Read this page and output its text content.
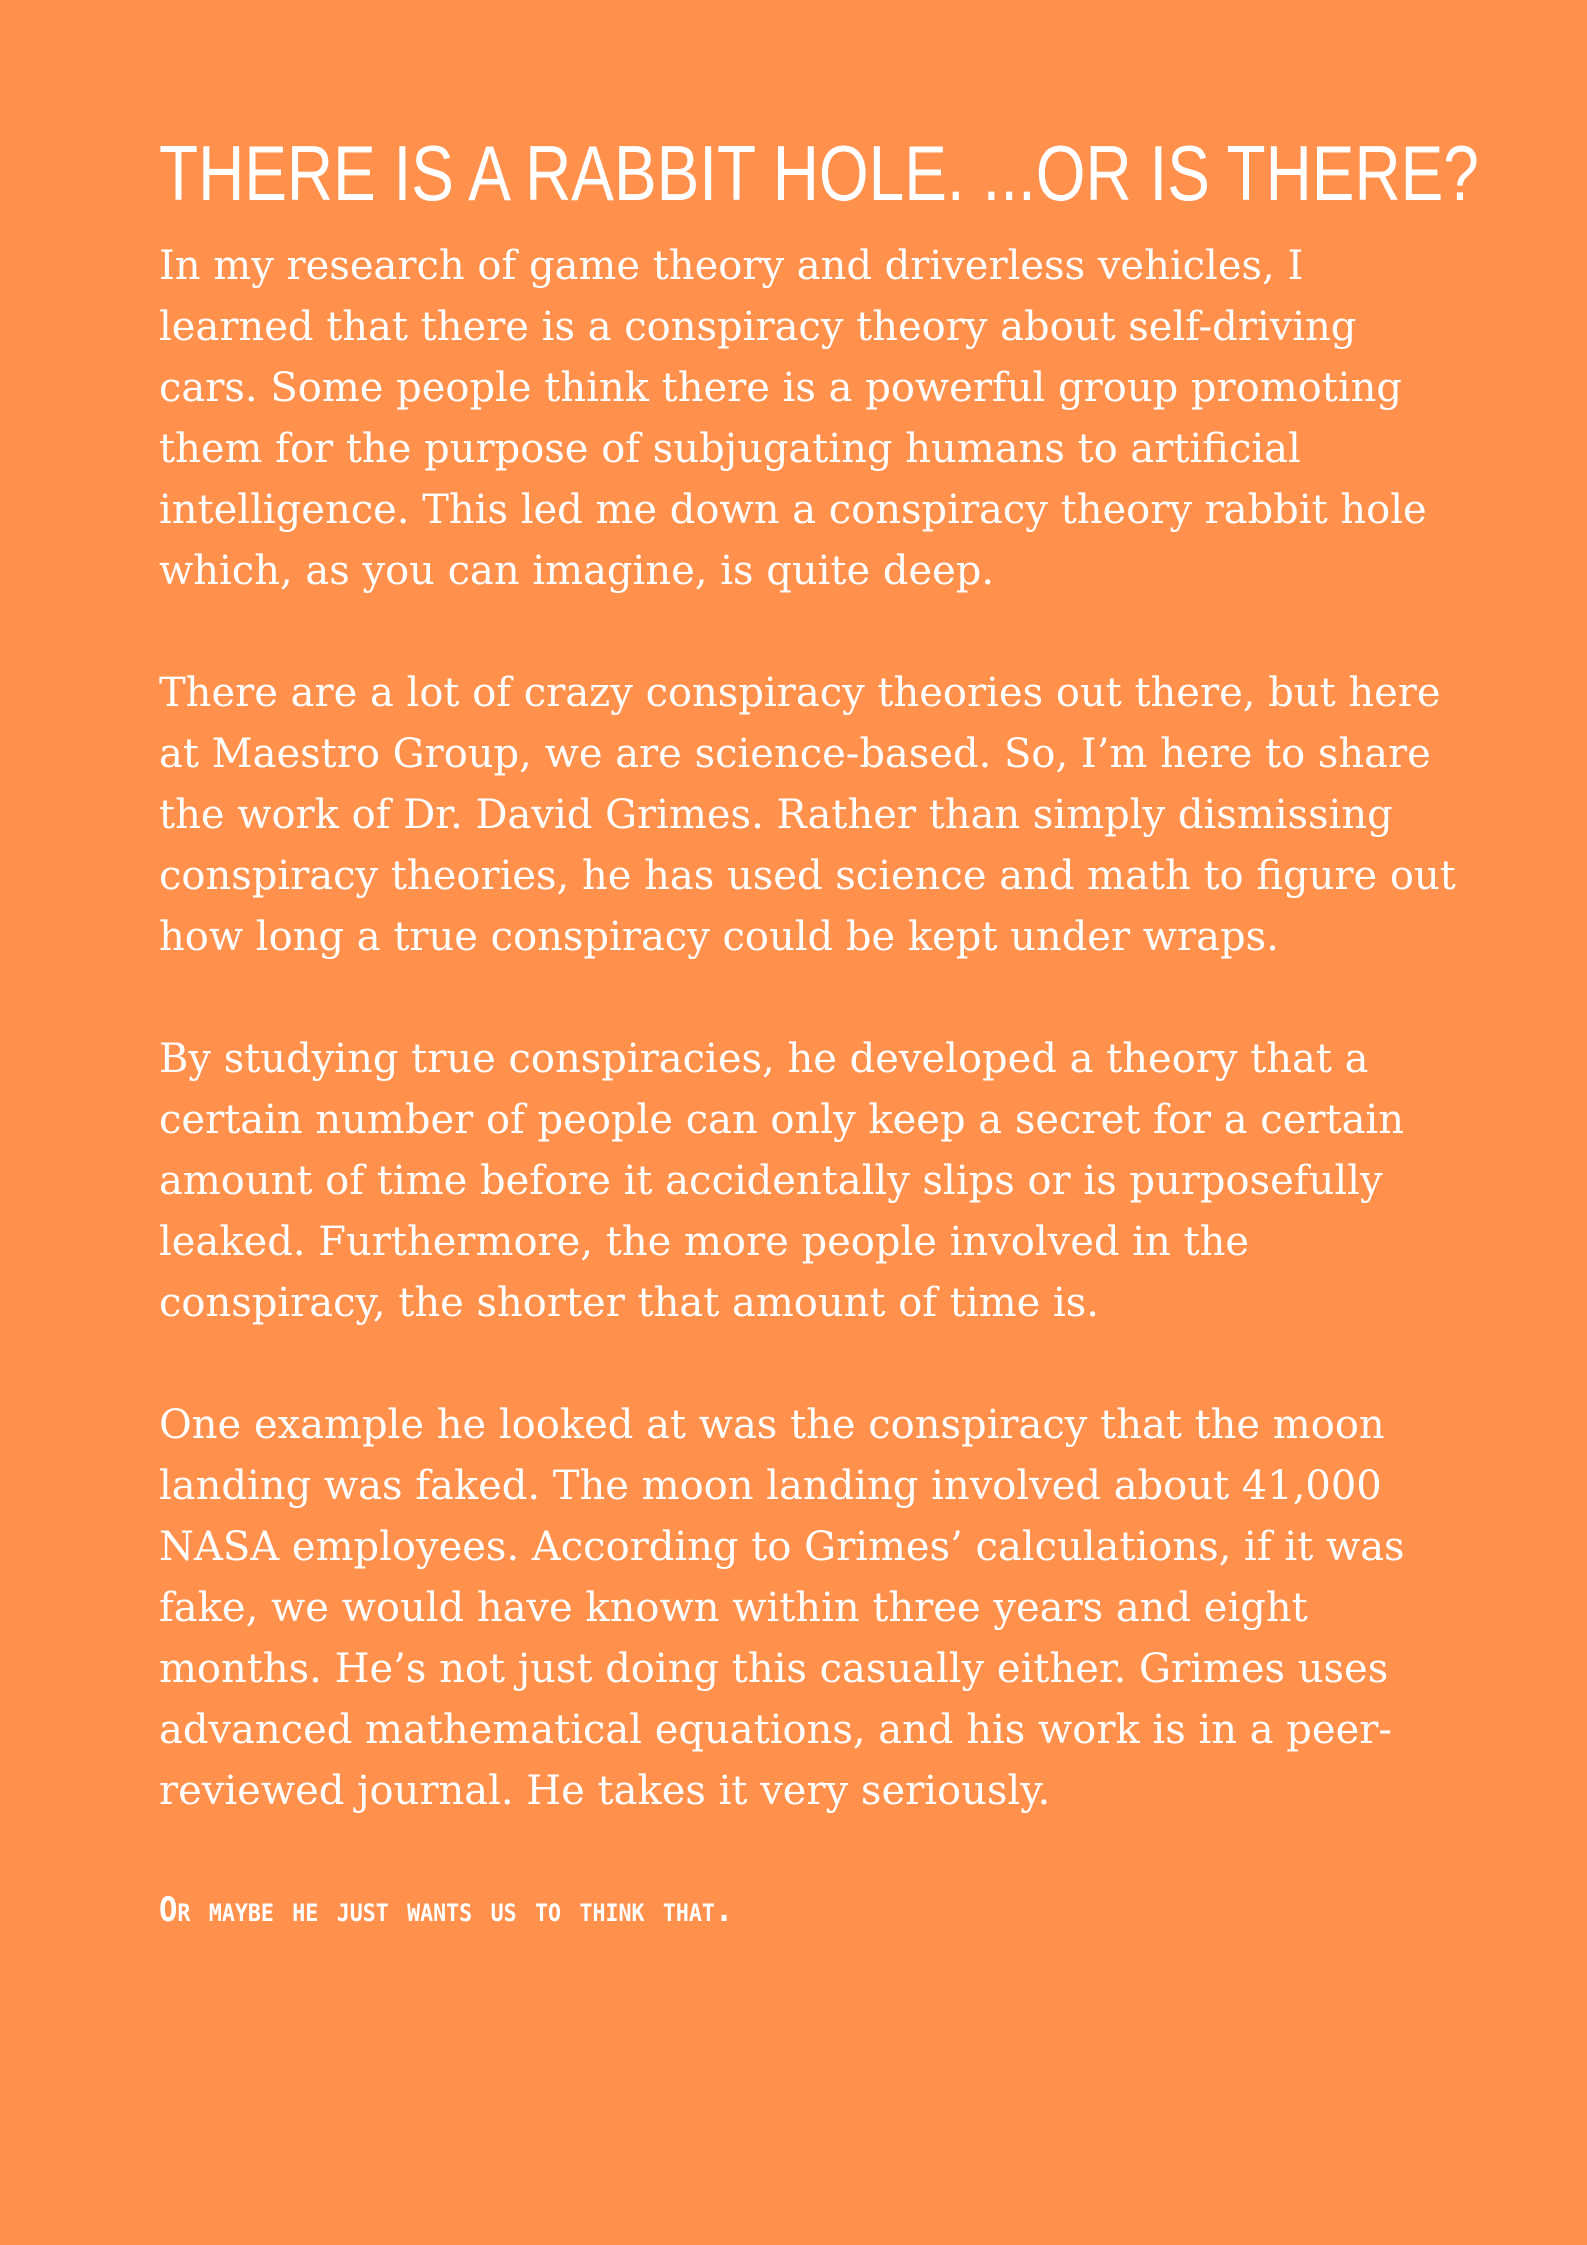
THERE IS A RABBIT HOLE. ...OR IS THERE?

In my research of game theory and driverless vehicles, I learned that there is a conspiracy theory about self-driving cars. Some people think there is a powerful group promoting them for the purpose of subjugating humans to artificial intelligence. This led me down a conspiracy theory rabbit hole which, as you can imagine, is quite deep.

There are a lot of crazy conspiracy theories out there, but here at Maestro Group, we are science-based. So, I’m here to share the work of Dr. David Grimes. Rather than simply dismissing conspiracy theories, he has used science and math to figure out how long a true conspiracy could be kept under wraps.

By studying true conspiracies, he developed a theory that a certain number of people can only keep a secret for a certain amount of time before it accidentally slips or is purposefully leaked. Furthermore, the more people involved in the conspiracy, the shorter that amount of time is.

One example he looked at was the conspiracy that the moon landing was faked. The moon landing involved about 41,000 NASA employees. According to Grimes’ calculations, if it was fake, we would have known within three years and eight months. He’s not just doing this casually either. Grimes uses advanced mathematical equations, and his work is in a peer-reviewed journal. He takes it very seriously.

Or maybe he just wants us to think that.
